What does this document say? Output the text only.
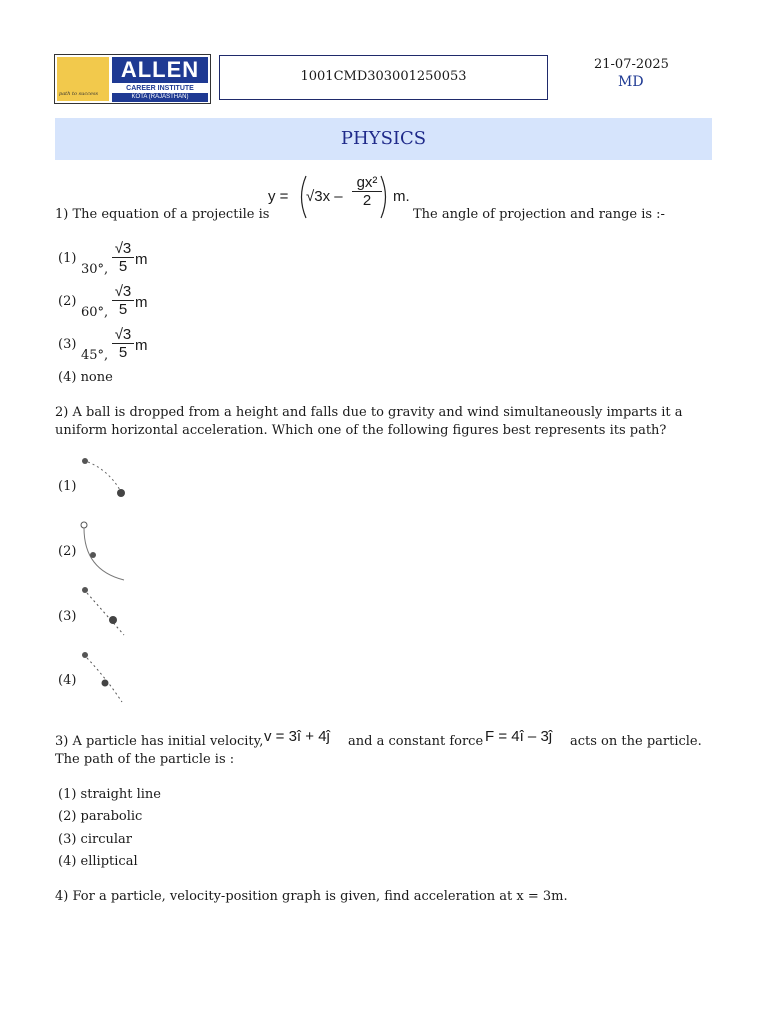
path to success
ALLEN
CAREER INSTITUTE
KOTA (RAJASTHAN)
1001CMD303001250053
21-07-2025
MD
PHYSICS
1) The equation of a projectile is
$y = √3x - \frac{\text{gx²}}{2} m$.
The angle of projection and range is :-
(1)
30°, $\frac{√3}{5}$ m
(2)
60°, $\frac{√3}{5}$ m
(3)
45°, $\frac{√3}{5}$ m
(4) none
2) A ball is dropped from a height and falls due to gravity and wind simultaneously imparts it a
uniform horizontal acceleration. Which one of the following figures best represents its path?
(1)
(2)
(3)
(4)
3) A particle has initial velocity, v = 3î + 4ĵ and a constant force F = 4î – 3ĵ acts on the particle.
The path of the particle is :
(1) straight line
(2) parabolic
(3) circular
(4) elliptical
4) For a particle, velocity-position graph is given, find acceleration at x = 3m.
